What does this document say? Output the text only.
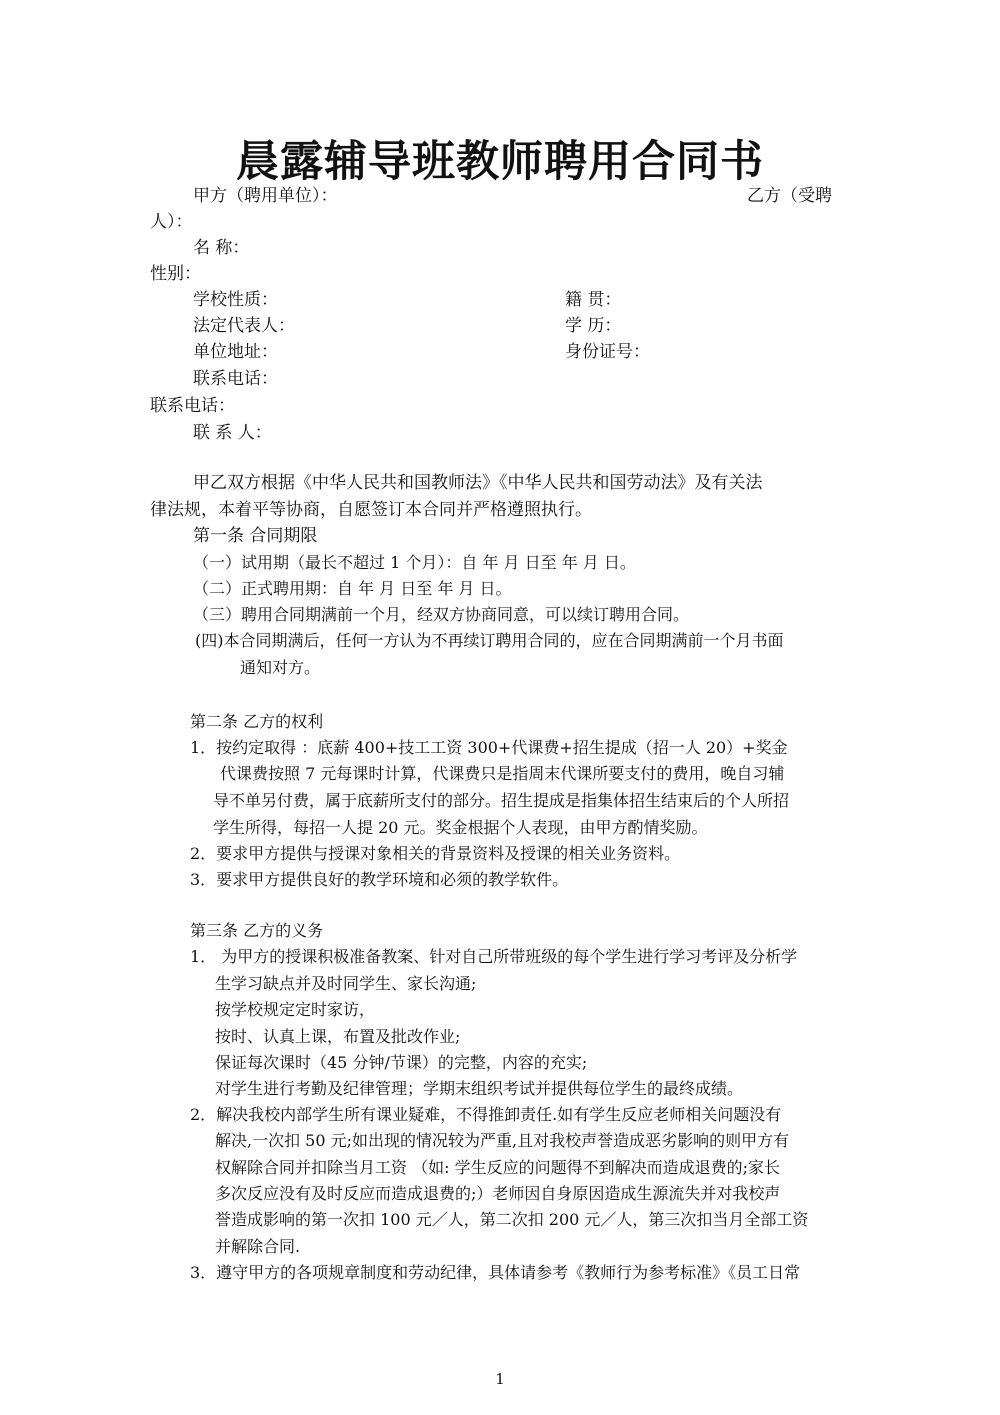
晨露辅导班教师聘用合同书
甲方（聘用单位）：	乙方（受聘
人）：
名 称：
性别：
学校性质：	籍 贯：
法定代表人：	学 历：
单位地址：	身份证号：
联系电话：
联系电话：
联 系 人：
甲乙双方根据《中华人民共和国教师法》《中华人民共和国劳动法》及有关法
律法规，本着平等协商，自愿签订本合同并严格遵照执行。
第一条 合同期限
（一）试用期（最长不超过 1 个月）：自 年 月 日至 年 月 日。
（二）正式聘用期：自 年 月 日至 年 月 日。
（三）聘用合同期满前一个月，经双方协商同意，可以续订聘用合同。
(四)本合同期满后，任何一方认为不再续订聘用合同的，应在合同期满前一个月书面
通知对方。
第二条 乙方的权利
1．按约定取得 ：底薪 400+技工工资 300+代课费+招生提成（招一人 20）+奖金
代课费按照 7 元每课时计算，代课费只是指周末代课所要支付的费用，晚自习辅
导不单另付费，属于底薪所支付的部分。招生提成是指集体招生结束后的个人所招
学生所得，每招一人提 20 元。奖金根据个人表现，由甲方酌情奖励。
2．要求甲方提供与授课对象相关的背景资料及授课的相关业务资料。
3．要求甲方提供良好的教学环境和必须的教学软件。
第三条 乙方的义务
1． 为甲方的授课积极准备教案、针对自己所带班级的每个学生进行学习考评及分析学
生学习缺点并及时同学生、家长沟通;
按学校规定定时家访，
按时、认真上课，布置及批改作业;
保证每次课时（45 分钟/节课）的完整，内容的充实;
对学生进行考勤及纪律管理；学期末组织考试并提供每位学生的最终成绩。
2．解决我校内部学生所有课业疑难，不得推卸责任.如有学生反应老师相关问题没有
解决,一次扣 50 元;如出现的情况较为严重,且对我校声誉造成恶劣影响的则甲方有
权解除合同并扣除当月工资 （如: 学生反应的问题得不到解决而造成退费的;家长
多次反应没有及时反应而造成退费的;）老师因自身原因造成生源流失并对我校声
誉造成影响的第一次扣 100 元／人，第二次扣 200 元／人，第三次扣当月全部工资
并解除合同.
3．遵守甲方的各项规章制度和劳动纪律，具体请参考《教师行为参考标准》《员工日常
1
